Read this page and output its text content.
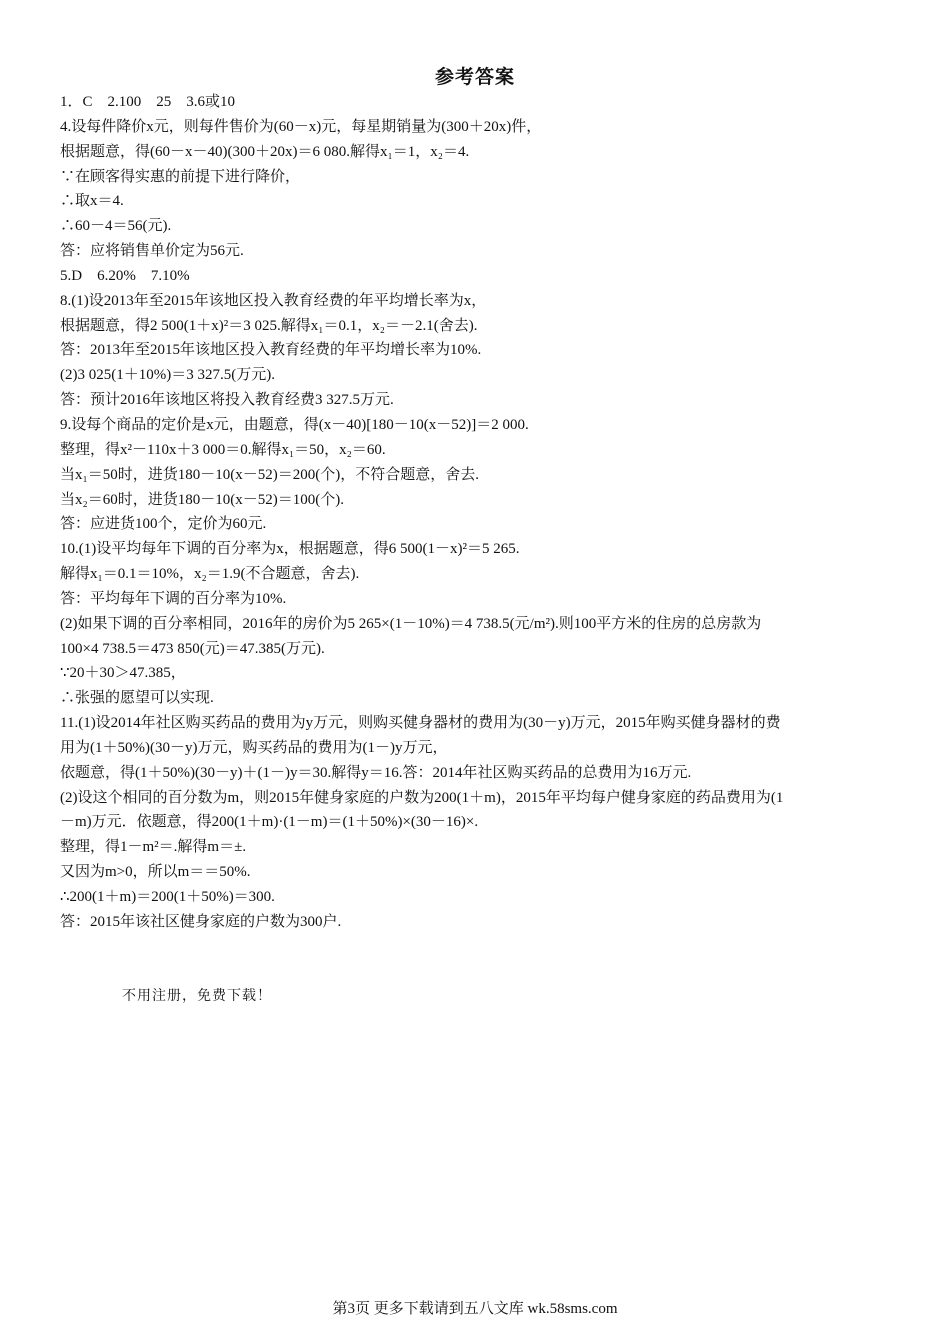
参考答案
1．C　2.100　25　3.6或10
4.设每件降价x元，则每件售价为(60－x)元，每星期销量为(300＋20x)件，
根据题意，得(60－x－40)(300＋20x)＝6 080.解得x₁＝1，x₂＝4.
∵在顾客得实惠的前提下进行降价，
∴取x＝4.
∴60－4＝56(元).
答：应将销售单价定为56元.
5.D　6.20%　7.10%
8.(1)设2013年至2015年该地区投入教育经费的年平均增长率为x，
根据题意，得2 500(1＋x)²＝3 025.解得x₁＝0.1，x₂＝－2.1(舍去).
答：2013年至2015年该地区投入教育经费的年平均增长率为10%.
(2)3 025(1＋10%)＝3 327.5(万元).
答：预计2016年该地区将投入教育经费3 327.5万元.
9.设每个商品的定价是x元，由题意，得(x－40)[180－10(x－52)]＝2 000.
整理，得x²－110x＋3 000＝0.解得x₁＝50，x₂＝60.
当x₁＝50时，进货180－10(x－52)＝200(个)，不符合题意，舍去.
当x₂＝60时，进货180－10(x－52)＝100(个).
答：应进货100个，定价为60元.
10.(1)设平均每年下调的百分率为x，根据题意，得6 500(1－x)²＝5 265.
解得x₁＝0.1＝10%，x₂＝1.9(不合题意，舍去).
答：平均每年下调的百分率为10%.
(2)如果下调的百分率相同，2016年的房价为5 265×(1－10%)＝4 738.5(元/m²).则100平方米的住房的总房款为
100×4 738.5＝473 850(元)＝47.385(万元).
∵20＋30＞47.385，
∴张强的愿望可以实现.
11.(1)设2014年社区购买药品的费用为y万元，则购买健身器材的费用为(30－y)万元，2015年购买健身器材的费
用为(1＋50%)(30－y)万元，购买药品的费用为(1－)y万元，
依题意，得(1＋50%)(30－y)＋(1－)y＝30.解得y＝16.答：2014年社区购买药品的总费用为16万元.
(2)设这个相同的百分数为m，则2015年健身家庭的户数为200(1＋m)，2015年平均每户健身家庭的药品费用为(1
－m)万元．依题意，得200(1＋m)·(1－m)＝(1＋50%)×(30－16)×.
整理，得1－m²＝.解得m＝±.
又因为m>0，所以m＝＝50%.
∴200(1＋m)＝200(1＋50%)＝300.
答：2015年该社区健身家庭的户数为300户.
不用注册，免费下载！
第3页 更多下载请到五八文库 wk.58sms.com
